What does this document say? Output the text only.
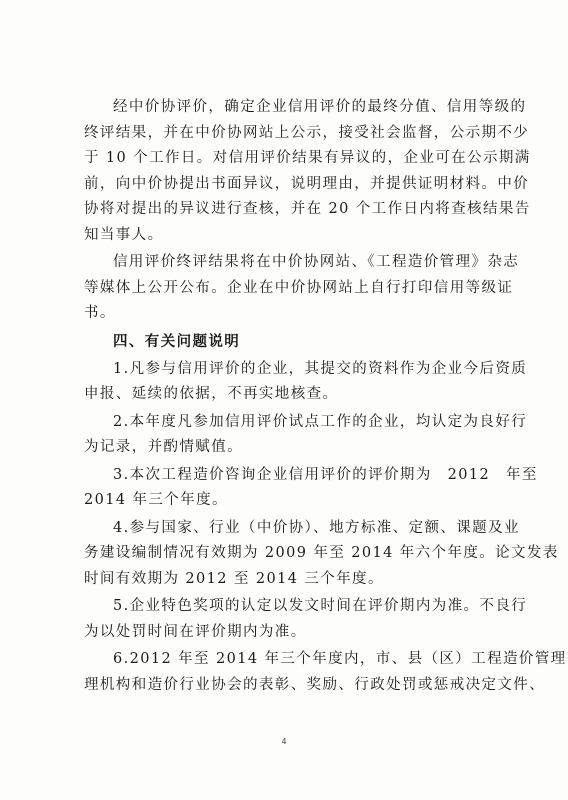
经中价协评价，确定企业信用评价的最终分值、信用等级的
终评结果，并在中价协网站上公示，接受社会监督，公示期不少
于 10 个工作日。对信用评价结果有异议的，企业可在公示期满
前，向中价协提出书面异议，说明理由，并提供证明材料。中价
协将对提出的异议进行查核，并在 20 个工作日内将查核结果告
知当事人。

信用评价终评结果将在中价协网站、《工程造价管理》杂志
等媒体上公开公布。企业在中价协网站上自行打印信用等级证
书。

四、有关问题说明

1.凡参与信用评价的企业，其提交的资料作为企业今后资质
申报、延续的依据，不再实地核查。

2.本年度凡参加信用评价试点工作的企业，均认定为良好行
为记录，并酌情赋值。

3.本次工程造价咨询企业信用评价的评价期为　2012　年至
2014 年三个年度。

4.参与国家、行业（中价协）、地方标准、定额、课题及业
务建设编制情况有效期为 2009 年至 2014 年六个年度。论文发表
时间有效期为 2012 至 2014 三个年度。

5.企业特色奖项的认定以发文时间在评价期内为准。不良行
为以处罚时间在评价期内为准。

6.2012 年至 2014 年三个年度内，市、县（区）工程造价管理
理机构和造价行业协会的表彰、奖励、行政处罚或惩戒决定文件、

4
